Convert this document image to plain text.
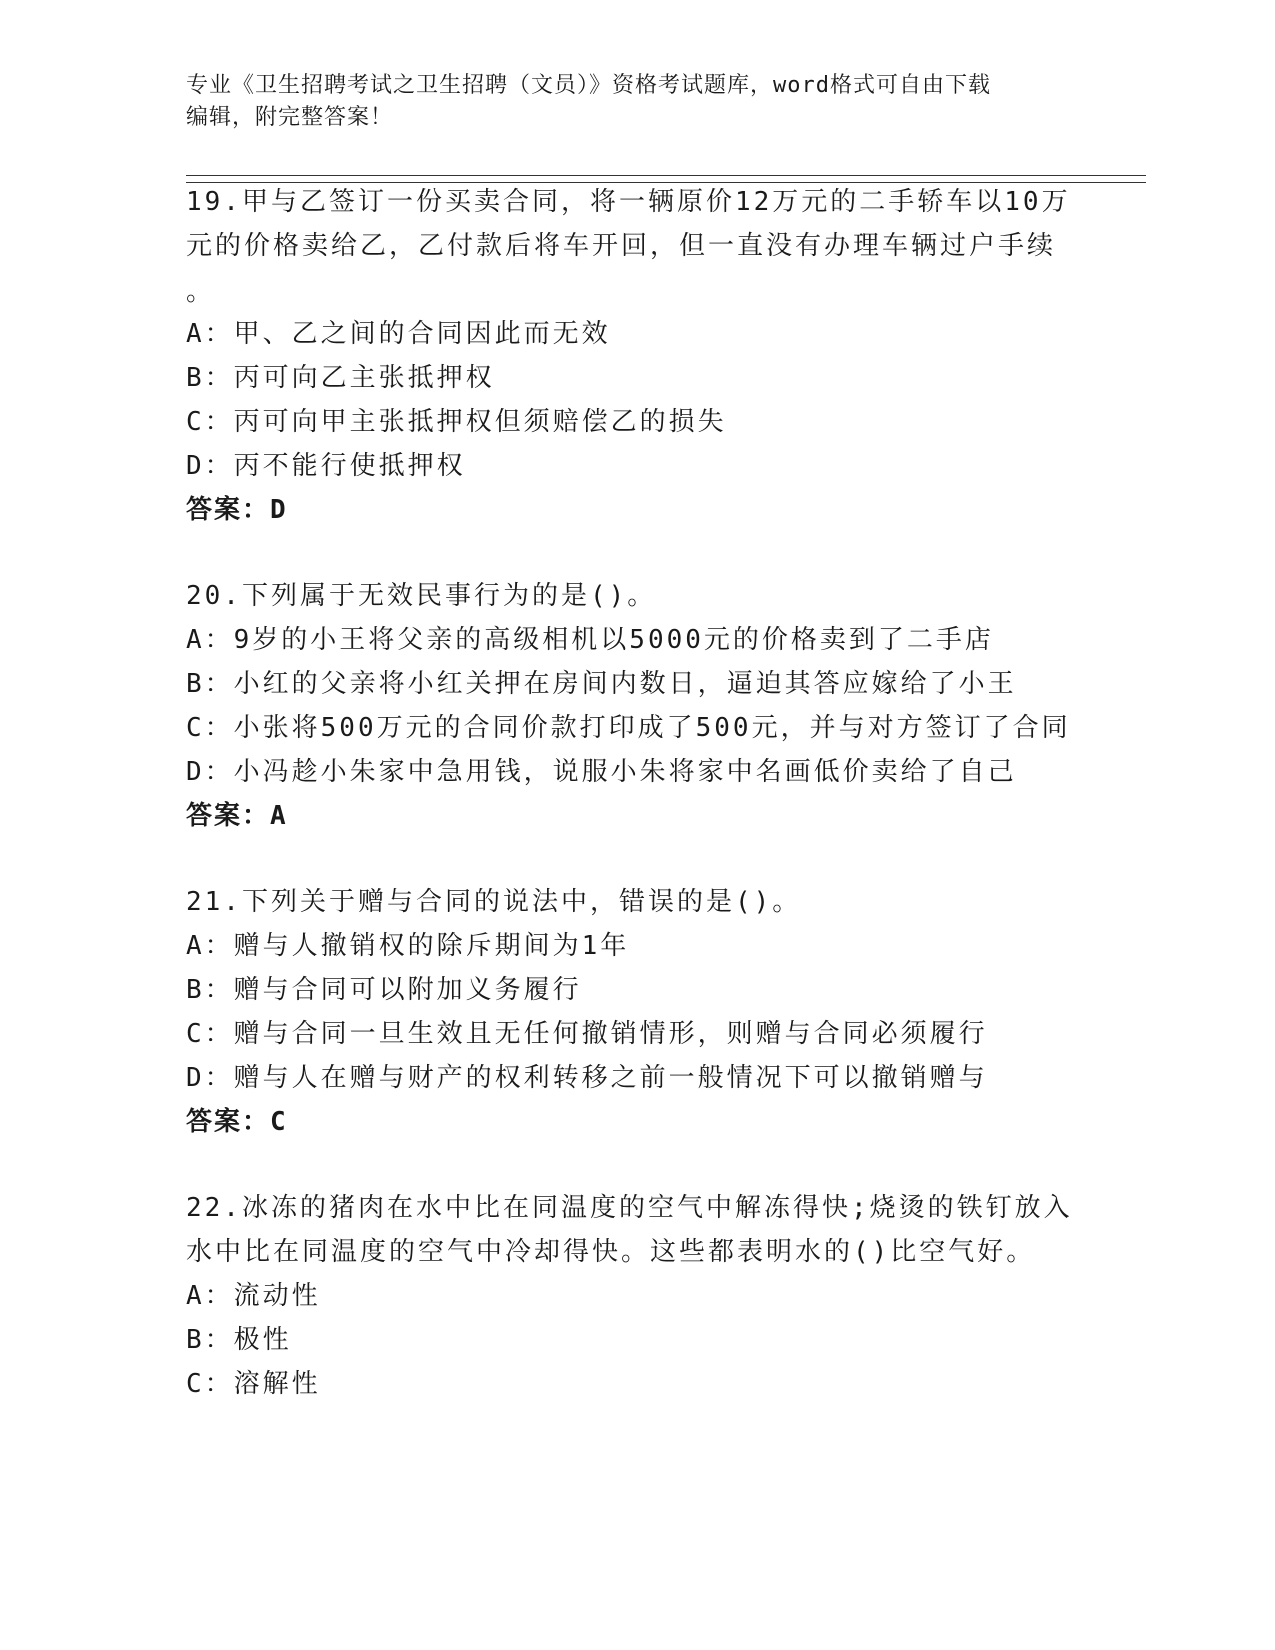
专业《卫生招聘考试之卫生招聘（文员）》资格考试题库，word格式可自由下载
编辑，附完整答案！
19.甲与乙签订一份买卖合同，将一辆原价12万元的二手轿车以10万
元的价格卖给乙，乙付款后将车开回，但一直没有办理车辆过户手续
。
A：甲、乙之间的合同因此而无效
B：丙可向乙主张抵押权
C：丙可向甲主张抵押权但须赔偿乙的损失
D：丙不能行使抵押权
答案：D
20.下列属于无效民事行为的是()。
A：9岁的小王将父亲的高级相机以5000元的价格卖到了二手店
B：小红的父亲将小红关押在房间内数日，逼迫其答应嫁给了小王
C：小张将500万元的合同价款打印成了500元，并与对方签订了合同
D：小冯趁小朱家中急用钱，说服小朱将家中名画低价卖给了自己
答案：A
21.下列关于赠与合同的说法中，错误的是()。
A：赠与人撤销权的除斥期间为1年
B：赠与合同可以附加义务履行
C：赠与合同一旦生效且无任何撤销情形，则赠与合同必须履行
D：赠与人在赠与财产的权利转移之前一般情况下可以撤销赠与
答案：C
22.冰冻的猪肉在水中比在同温度的空气中解冻得快;烧烫的铁钉放入
水中比在同温度的空气中冷却得快。这些都表明水的()比空气好。
A：流动性
B：极性
C：溶解性
